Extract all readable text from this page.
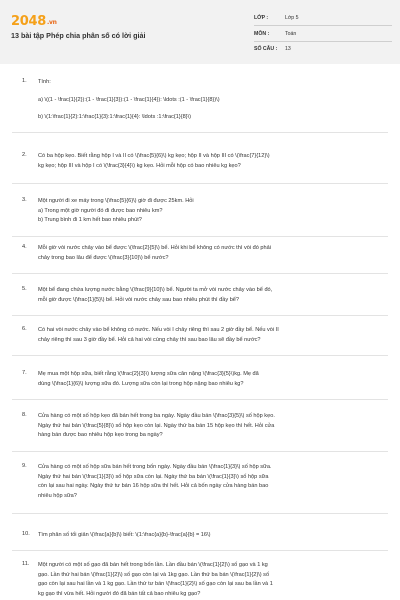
2048.vn
13 bài tập Phép chia phân số có lời giải
LỚP :	Lớp 5
MÔN :	Toán
SỐ CÂU : 13
1. Tính:

a) \((1 - \frac{1}{2}):(1 - \frac{1}{3}):(1 - \frac{1}{4}): \ldots :(1 - \frac{1}{8})\)

b) \(1:\frac{1}{2}:1:\frac{1}{3}:1:\frac{1}{4}: \ldots :1:\frac{1}{8}\)

2. Có ba hộp kẹo. Biết rằng hộp I và II có \(\frac{5}{6}\) kg kẹo; hộp II và hộp III có \(\frac{7}{12}\)

kg kẹo; hộp III và hộp I có \(\frac{3}{4}\) kg kẹo. Hỏi mỗi hộp có bao nhiêu kg kẹo?

3. Một người đi xe máy trong \(\frac{5}{6}\) giờ đi được 25km. Hỏi

a) Trong một giờ người đó đi được bao nhiêu km?

b) Trung bình đi 1 km hết bao nhiêu phút?

4. Mỗi giờ vòi nước chảy vào bể được \(\frac{2}{5}\) bể. Hỏi khi bể không có nước thì vòi đó phải

chảy trong bao lâu để được \(\frac{3}{10}\) bể nước?

5. Một bể đang chứa lượng nước bằng \(\frac{9}{10}\) bể. Người ta mở vòi nước chảy vào bể đó,

mỗi giờ được \(\frac{1}{5}\) bể. Hỏi vòi nước chảy sau bao nhiêu phút thì đầy bể?

6. Có hai vòi nước chảy vào bể không có nước. Nếu vòi I chảy riêng thì sau 2 giờ đầy bể. Nếu vòi II

chảy riêng thì sau 3 giờ đầy bể. Hỏi cả hai vòi cùng chảy thì sau bao lâu sẽ đầy bể nước?

7. Mẹ mua một hộp sữa, biết rằng \(\frac{2}{3}\) lượng sữa cân nặng \(\frac{3}{5}\)kg. Mẹ đã

dùng \(\frac{1}{6}\) lượng sữa đó. Lượng sữa còn lại trong hộp nặng bao nhiêu kg?

8. Cửa hàng có một số hộp kẹo đã bán hết trong ba ngày. Ngày đầu bán \(\frac{3}{5}\) số hộp kẹo.

Ngày thứ hai bán \(\frac{5}{8}\) số hộp kẹo còn lại. Ngày thứ ba bán 15 hộp kẹo thì hết. Hỏi cửa

hàng bán được bao nhiêu hộp kẹo trong ba ngày?

9. Cửa hàng có một số hộp sữa bán hết trong bốn ngày. Ngày đầu bán \(\frac{1}{3}\) số hộp sữa.

Ngày thứ hai bán \(\frac{1}{3}\) số hộp sữa còn lại. Ngày thứ ba bán \(\frac{1}{3}\) số hộp sữa

còn lại sau hai ngày. Ngày thứ tư bán 16 hộp sữa thì hết. Hỏi cả bốn ngày cửa hàng bán bao

nhiêu hộp sữa?

10. Tìm phân số tối giản \(\frac{a}{b}\) biết: \(1:\frac{a}{b}-\frac{a}{b} = 16\)

11. Một người có một số gạo đã bán hết trong bốn lần. Lần đầu bán \(\frac{1}{2}\) số gạo và 1 kg

gạo. Lần thứ hai bán \(\frac{1}{2}\) số gạo còn lại và 1kg gạo. Lần thứ ba bán \(\frac{1}{2}\) số

gạo còn lại sau hai lần và 1 kg gạo. Lần thứ tư bán \(\frac{1}{2}\) số gạo còn lại sau ba lần và 1

kg gạo thì vừa hết. Hỏi người đó đã bán tất cả bao nhiêu kg gạo?
